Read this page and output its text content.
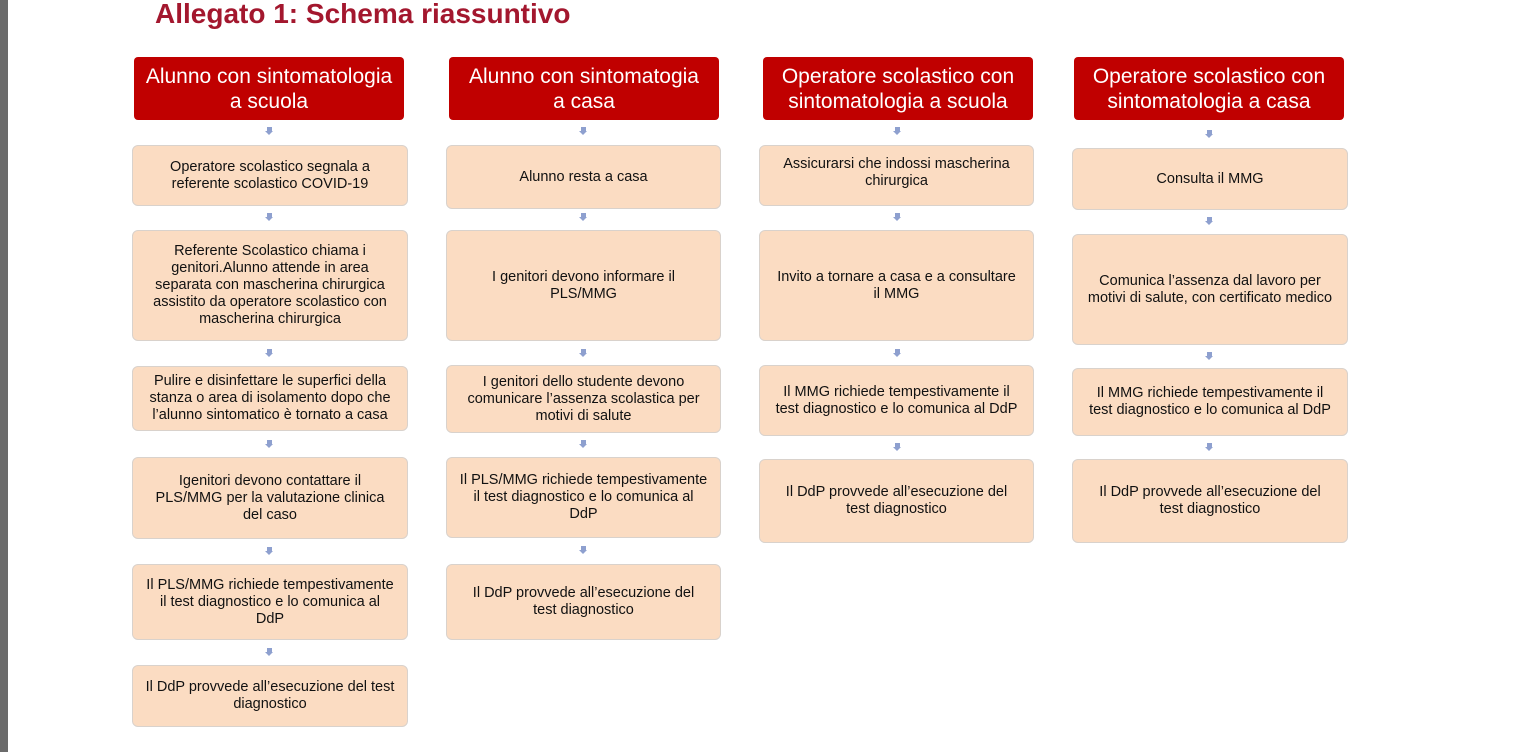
Allegato 1: Schema riassuntivo
Alunno con sintomatologia
a scuola
Operatore scolastico segnala a
referente scolastico COVID-19
Referente Scolastico chiama i
genitori.Alunno attende in area
separata con mascherina chirurgica
assistito da operatore scolastico con
mascherina chirurgica
Pulire e disinfettare le superfici della
stanza o area di isolamento dopo che
l’alunno sintomatico è tornato a casa
Igenitori devono contattare il
PLS/MMG per la valutazione clinica
del caso
Il PLS/MMG richiede tempestivamente
il test diagnostico e lo comunica al
DdP
Il DdP provvede all’esecuzione del test
diagnostico
Alunno con sintomatogia
a casa
Alunno resta a casa
I genitori devono informare il
PLS/MMG
I genitori dello studente devono
comunicare l’assenza scolastica per
motivi di salute
Il PLS/MMG richiede tempestivamente
il test diagnostico e lo comunica al
DdP
Il DdP provvede all’esecuzione del
test diagnostico
Operatore scolastico con
sintomatologia a scuola
Assicurarsi che indossi mascherina
chirurgica
Invito a tornare a casa e a consultare
il MMG
Il MMG richiede tempestivamente il
test diagnostico e lo comunica al DdP
Il DdP provvede all’esecuzione del
test diagnostico
Operatore scolastico con
sintomatologia a casa
Consulta il MMG
Comunica l’assenza dal lavoro per
motivi di salute, con certificato medico
Il MMG richiede tempestivamente il
test diagnostico e lo comunica al DdP
Il DdP provvede all’esecuzione del
test diagnostico
